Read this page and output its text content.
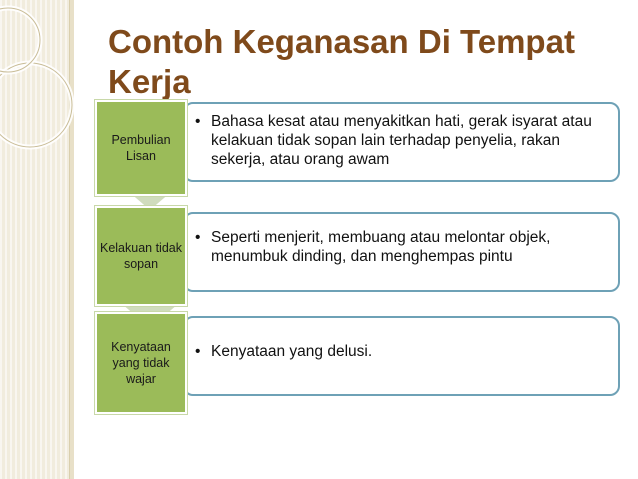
Contoh Keganasan Di Tempat Kerja
Pembulian Lisan
• Bahasa kesat atau menyakitkan hati, gerak isyarat atau kelakuan tidak sopan lain terhadap penyelia, rakan sekerja, atau orang awam
Kelakuan tidak sopan
• Seperti menjerit, membuang atau melontar objek, menumbuk dinding, dan menghempas pintu
Kenyataan yang tidak wajar
• Kenyataan yang delusi.
